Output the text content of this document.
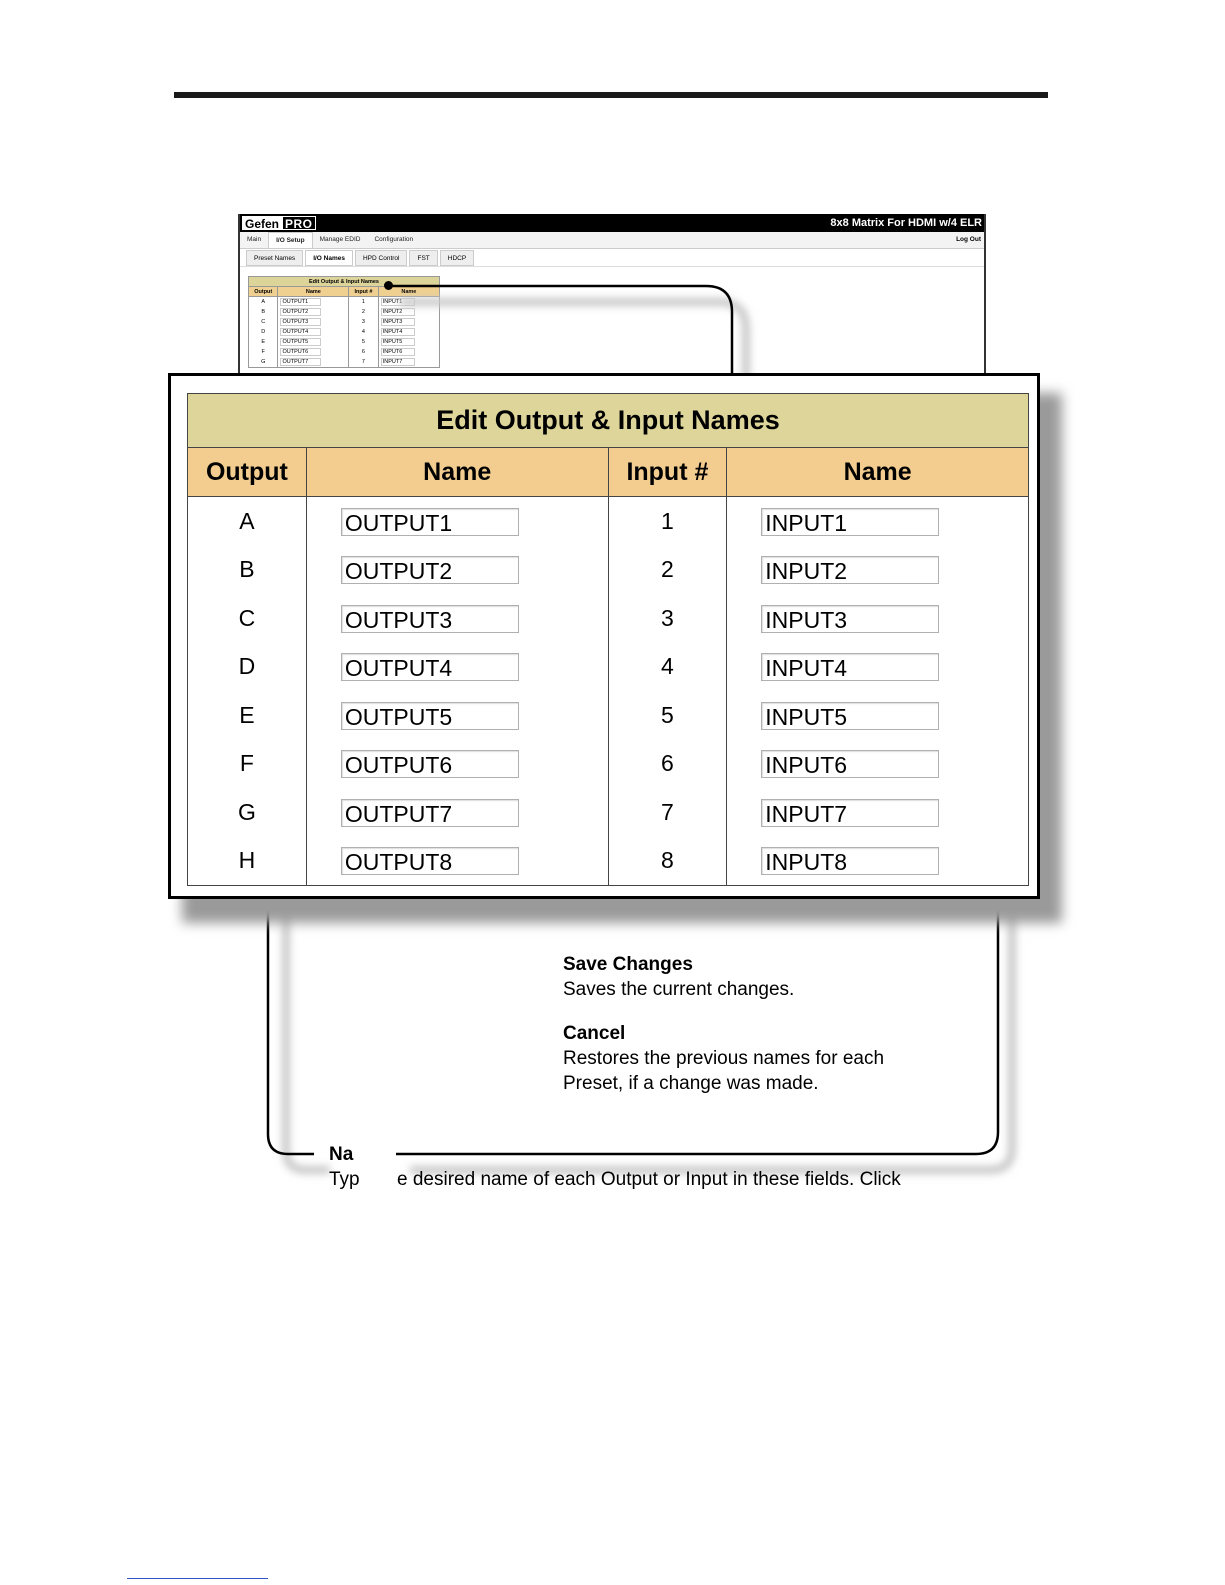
Gefen PRO	8x8 Matrix For HDMI w/4 ELR
Main	I/O Setup	Manage EDID	Configuration	Log Out
Preset Names	I/O Names	HPD Control	FST	HDCP
Edit Output & Input Names			
Output	Name	Input #	Name
A	OUTPUT1	1	INPUT1
B	OUTPUT2	2	INPUT2
C	OUTPUT3	3	INPUT3
D	OUTPUT4	4	INPUT4
E	OUTPUT5	5	INPUT5
F	OUTPUT6	6	INPUT6
G	OUTPUT7	7	INPUT7
Edit Output & Input Names			
Output	Name	Input #	Name
A	OUTPUT1	1	INPUT1
B	OUTPUT2	2	INPUT2
C	OUTPUT3	3	INPUT3
D	OUTPUT4	4	INPUT4
E	OUTPUT5	5	INPUT5
F	OUTPUT6	6	INPUT6
G	OUTPUT7	7	INPUT7
H	OUTPUT8	8	INPUT8
Save Changes
Saves the current changes.
Cancel
Restores the previous names for each
Preset, if a change was made.
Na
Typ e desired name of each Output or Input in these fields. Click
